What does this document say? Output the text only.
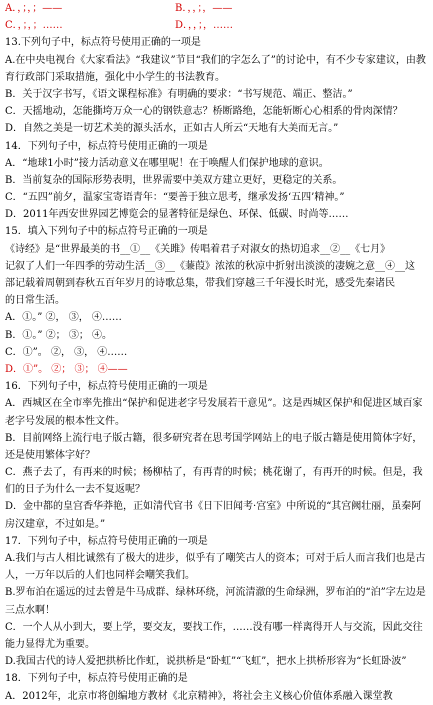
A．，；，；——	B．，，；，——
C．，；，；……	D．，，；，……
13.下列句子中，标点符号使用正确的一项是
A.在中央电视台《大家看法》“我建议”节目“我们的字怎么了”的讨论中，有不少专家建议，由教育行政部门采取措施，强化中小学生的书法教育。
B．关于汉字书写，《语文课程标准》有明确的要求：“书写规范、端正、整洁。”
C．天摇地动，怎能撕垮万众一心的钢铁意志？桥断路绝，怎能斩断心心相系的骨肉深情？
D．自然之美是一切艺术美的源头活水，正如古人所云“天地有大美而无言。”
14．下列句子中，标点符号使用正确的一项是
A．“地球1小时”接力活动意义在哪里呢！在于唤醒人们保护地球的意识。
B．当前复杂的国际形势表明，世界需要中美双方建立更好，更稳定的关系。
C．“五四”前夕，温家宝寄语青年：“要善于独立思考，继承发扬‘五四’精神。”
D．2011年西安世界园艺博览会的显著特征是绿色、环保、低碳、时尚等……
15．填入下列句子中的标点符号正确的一项是
《诗经》是“世界最美的书__①__《关雎》传唱着君子对淑女的热切追求__②__《七月》
记叙了人们一年四季的劳动生活__③__《蒹葭》浓浓的秋凉中折射出淡淡的凄婉之意__④__这
部记载着周朝到春秋五百年岁月的诗歌总集，带我们穿越三千年漫长时光，感受先秦诸民
的日常生活。
A．①。” ②， ③， ④……
B．①。” ②； ③； ④。
C．①”。 ②， ③， ④……
D．①”。 ②； ③； ④——
16．下列句子中，标点符号使用正确的一项是
A．西城区在全市率先推出“保护和促进老字号发展若干意见”。这是西城区保护和促进区域百家老字号发展的根本性文件。
B．目前网络上流行电子版古籍，很多研究者在思考国学网站上的电子版古籍是使用简体字好，还是使用繁体字好？
C．燕子去了，有再来的时候；杨柳枯了，有再青的时候；桃花谢了，有再开的时候。但是，我们的日子为什么一去不复返呢？
D．金中都的皇宫香华莽艳，正如清代官书《日下旧闻考·宫室》中所说的“其宫阙壮丽，虽秦阿房汉建章，不过如是。”
17．下列句子中，标点符号使用正确的一项是
A.我们与古人相比诚然有了极大的进步，似乎有了嘲笑古人的资本；可对于后人而言我们也是古人，一万年以后的人们也同样会嘲笑我们。
B.罗布泊在遥远的过去曾是牛马成群、绿林环绕，河流清澈的生命绿洲，罗布泊的“泊”字左边是三点水啊！
C．一个人从小到大，要上学，要交友，要找工作，……没有哪一样离得开人与交流，因此交往能力显得尤为重要。
D.我国古代的诗人爱把拱桥比作虹，说拱桥是“卧虹”“飞虹”，把水上拱桥形容为“长虹卧波”
18．下列句子中，标点符号使用正确的是
A．2012年，北京市将创编地方教材《北京精神》，将社会主义核心价值体系融入课堂教
